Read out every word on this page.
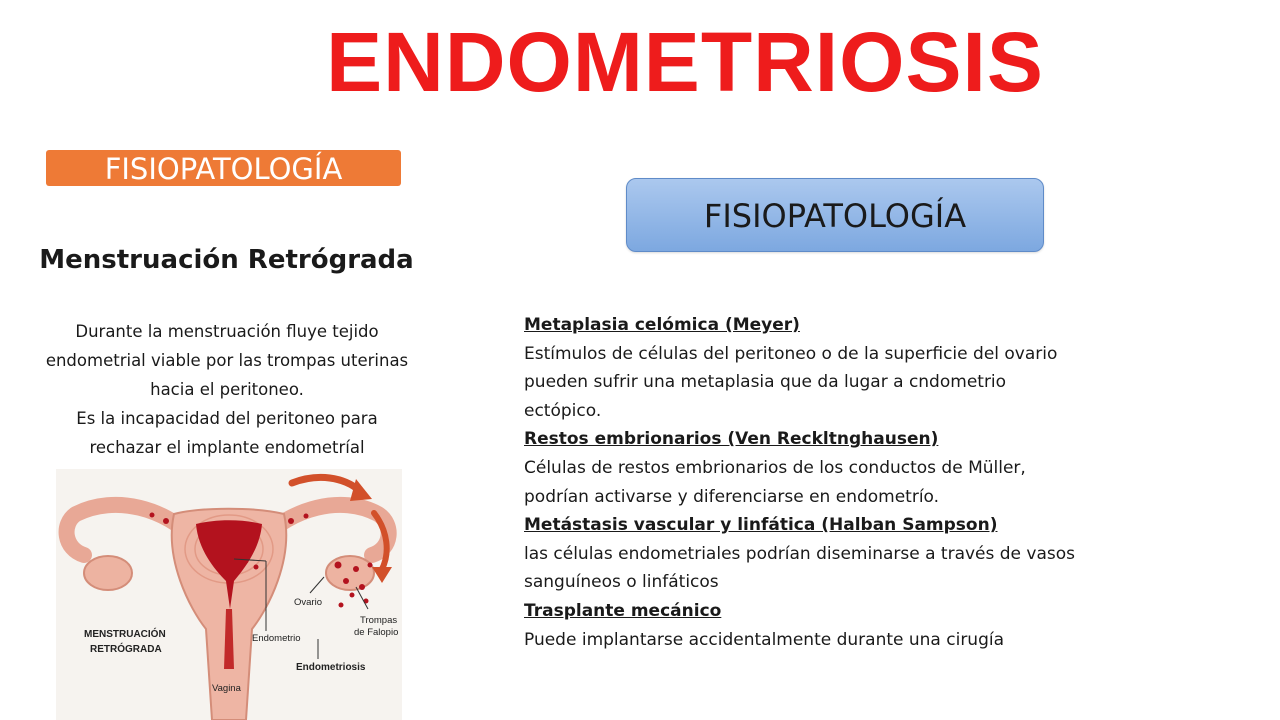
ENDOMETRIOSIS
FISIOPATOLOGÍA
FISIOPATOLOGÍA
Menstruación Retrógrada
Durante la menstruación fluye tejido
endometrial viable por las trompas uterinas
hacia el peritoneo.
Es la incapacidad del peritoneo para
rechazar el implante endometríal
MENSTRUACIÓN
RETRÓGRADA
Ovario
Trompas
de Falopio
Endometrio
Endometriosis
Vagina
Metaplasia celómica (Meyer)
Estímulos de células del peritoneo o de la superficie del ovario
pueden sufrir una metaplasia que da lugar a cndometrio
ectópico.
Restos embrionarios (Ven Reckltnghausen)
Células de restos embrionarios de los conductos de Müller,
podrían activarse y diferenciarse en endometrío.
Metástasis vascular y linfática (Halban Sampson)
las células endometriales podrían diseminarse a través de vasos
sanguíneos o linfáticos
Trasplante mecánico
Puede implantarse accidentalmente durante una cirugía
